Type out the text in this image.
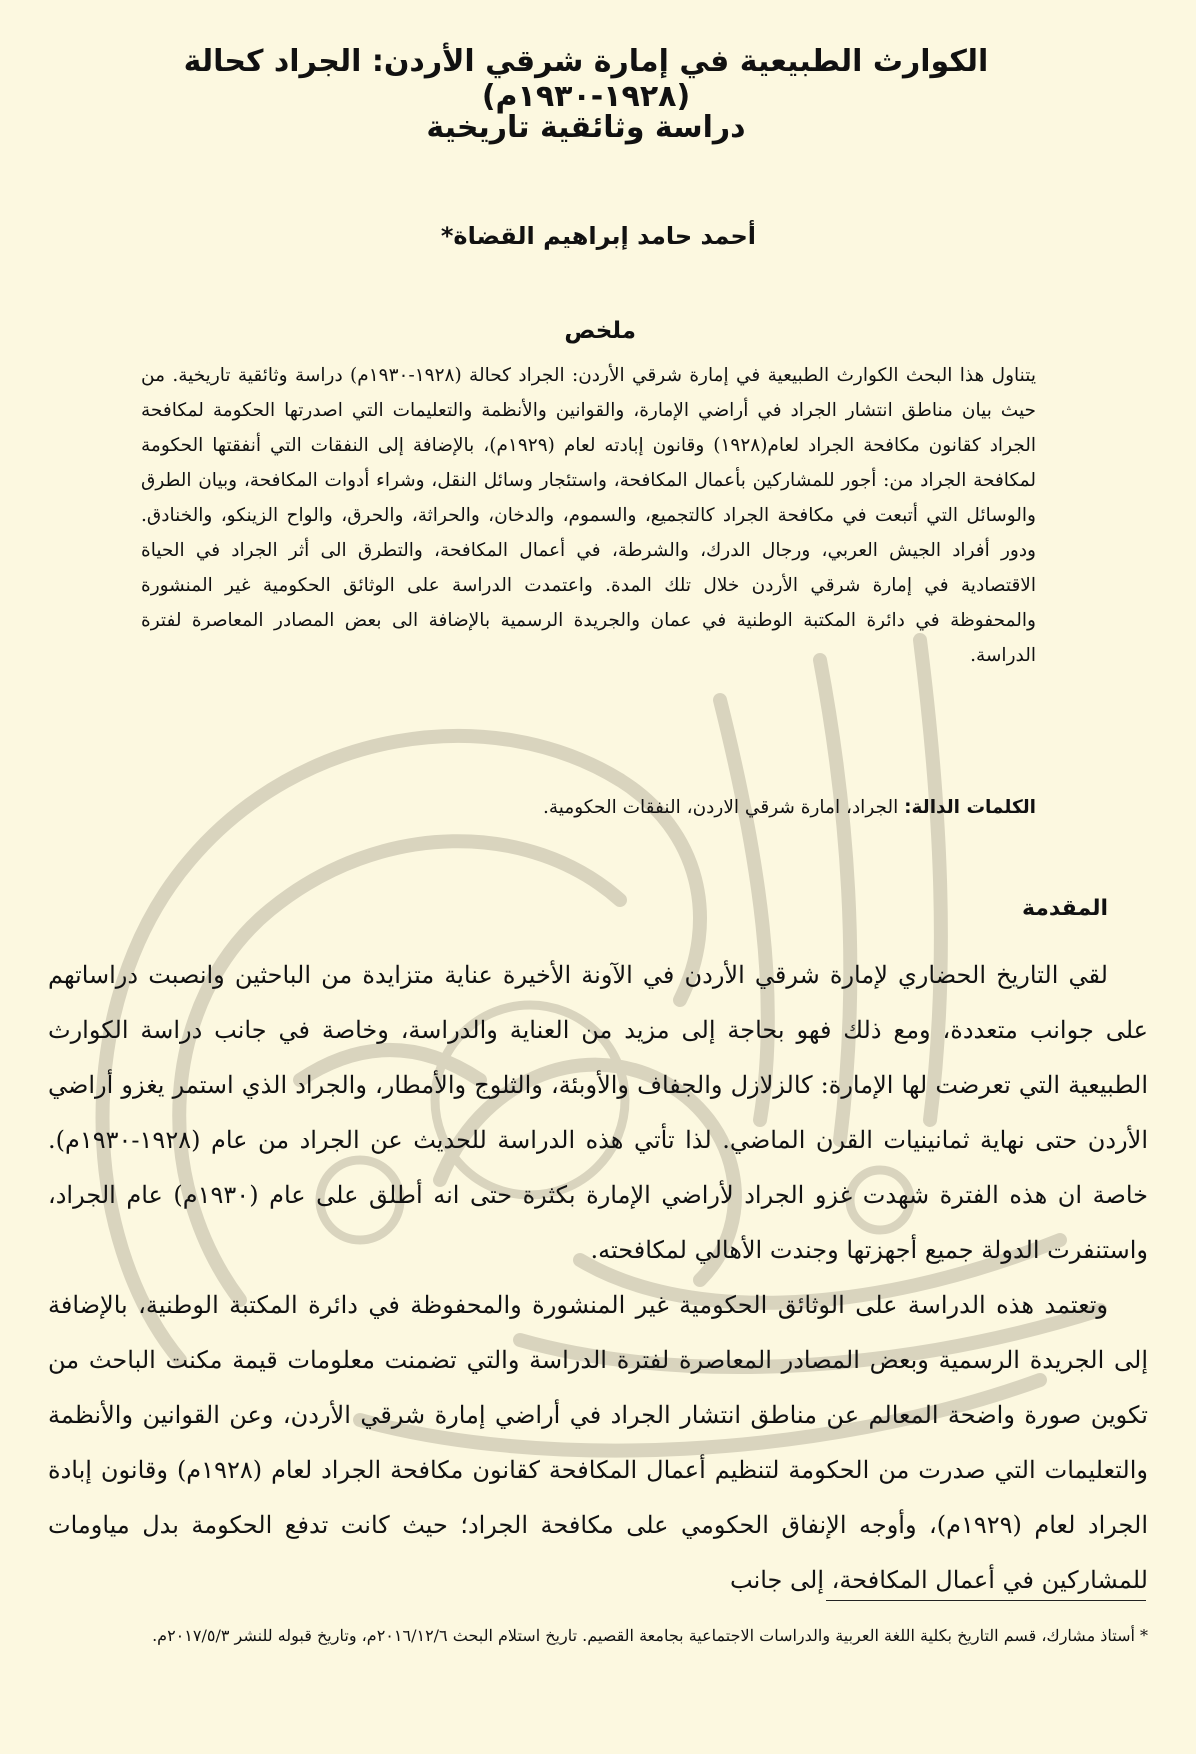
الكوارث الطبيعية في إمارة شرقي الأردن: الجراد كحالة (١٩٢٨-١٩٣٠م)
دراسة وثائقية تاريخية
أحمد حامد إبراهيم القضاة*
ملخص
يتناول هذا البحث الكوارث الطبيعية في إمارة شرقي الأردن: الجراد كحالة (١٩٢٨-١٩٣٠م) دراسة وثائقية تاريخية. من حيث بيان مناطق انتشار الجراد في أراضي الإمارة، والقوانين والأنظمة والتعليمات التي اصدرتها الحكومة لمكافحة الجراد كقانون مكافحة الجراد لعام(١٩٢٨) وقانون إبادته لعام (١٩٢٩م)، بالإضافة إلى النفقات التي أنفقتها الحكومة لمكافحة الجراد من: أجور للمشاركين بأعمال المكافحة، واستئجار وسائل النقل، وشراء أدوات المكافحة، وبيان الطرق والوسائل التي أتبعت في مكافحة الجراد كالتجميع، والسموم، والدخان، والحراثة، والحرق، والواح الزينكو، والخنادق. ودور أفراد الجيش العربي، ورجال الدرك، والشرطة، في أعمال المكافحة، والتطرق الى أثر الجراد في الحياة الاقتصادية في إمارة شرقي الأردن خلال تلك المدة. واعتمدت الدراسة على الوثائق الحكومية غير المنشورة والمحفوظة في دائرة المكتبة الوطنية في عمان والجريدة الرسمية بالإضافة الى بعض المصادر المعاصرة لفترة الدراسة.
الكلمات الدالة: الجراد، امارة شرقي الاردن، النفقات الحكومية.
المقدمة

لقي التاريخ الحضاري لإمارة شرقي الأردن في الآونة الأخيرة عناية متزايدة من الباحثين وانصبت دراساتهم على جوانب متعددة، ومع ذلك فهو بحاجة إلى مزيد من العناية والدراسة، وخاصة في جانب دراسة الكوارث الطبيعية التي تعرضت لها الإمارة: كالزلازل والجفاف والأوبئة، والثلوج والأمطار، والجراد الذي استمر يغزو أراضي الأردن حتى نهاية ثمانينيات القرن الماضي. لذا تأتي هذه الدراسة للحديث عن الجراد من عام (١٩٢٨-١٩٣٠م). خاصة ان هذه الفترة شهدت غزو الجراد لأراضي الإمارة بكثرة حتى انه أطلق على عام (١٩٣٠م) عام الجراد، واستنفرت الدولة جميع أجهزتها وجندت الأهالي لمكافحته.

وتعتمد هذه الدراسة على الوثائق الحكومية غير المنشورة والمحفوظة في دائرة المكتبة الوطنية، بالإضافة إلى الجريدة الرسمية وبعض المصادر المعاصرة لفترة الدراسة والتي تضمنت معلومات قيمة مكنت الباحث من تكوين صورة واضحة المعالم عن مناطق انتشار الجراد في أراضي إمارة شرقي الأردن، وعن القوانين والأنظمة والتعليمات التي صدرت من الحكومة لتنظيم أعمال المكافحة كقانون مكافحة الجراد لعام (١٩٢٨م) وقانون إبادة الجراد لعام (١٩٢٩م)، وأوجه الإنفاق الحكومي على مكافحة الجراد؛ حيث كانت تدفع الحكومة بدل مياومات للمشاركين في أعمال المكافحة، إلى جانب

* أستاذ مشارك، قسم التاريخ بكلية اللغة العربية والدراسات الاجتماعية بجامعة القصيم. تاريخ استلام البحث ٢٠١٦/١٢/٦م، وتاريخ قبوله للنشر ٢٠١٧/٥/٣م.
